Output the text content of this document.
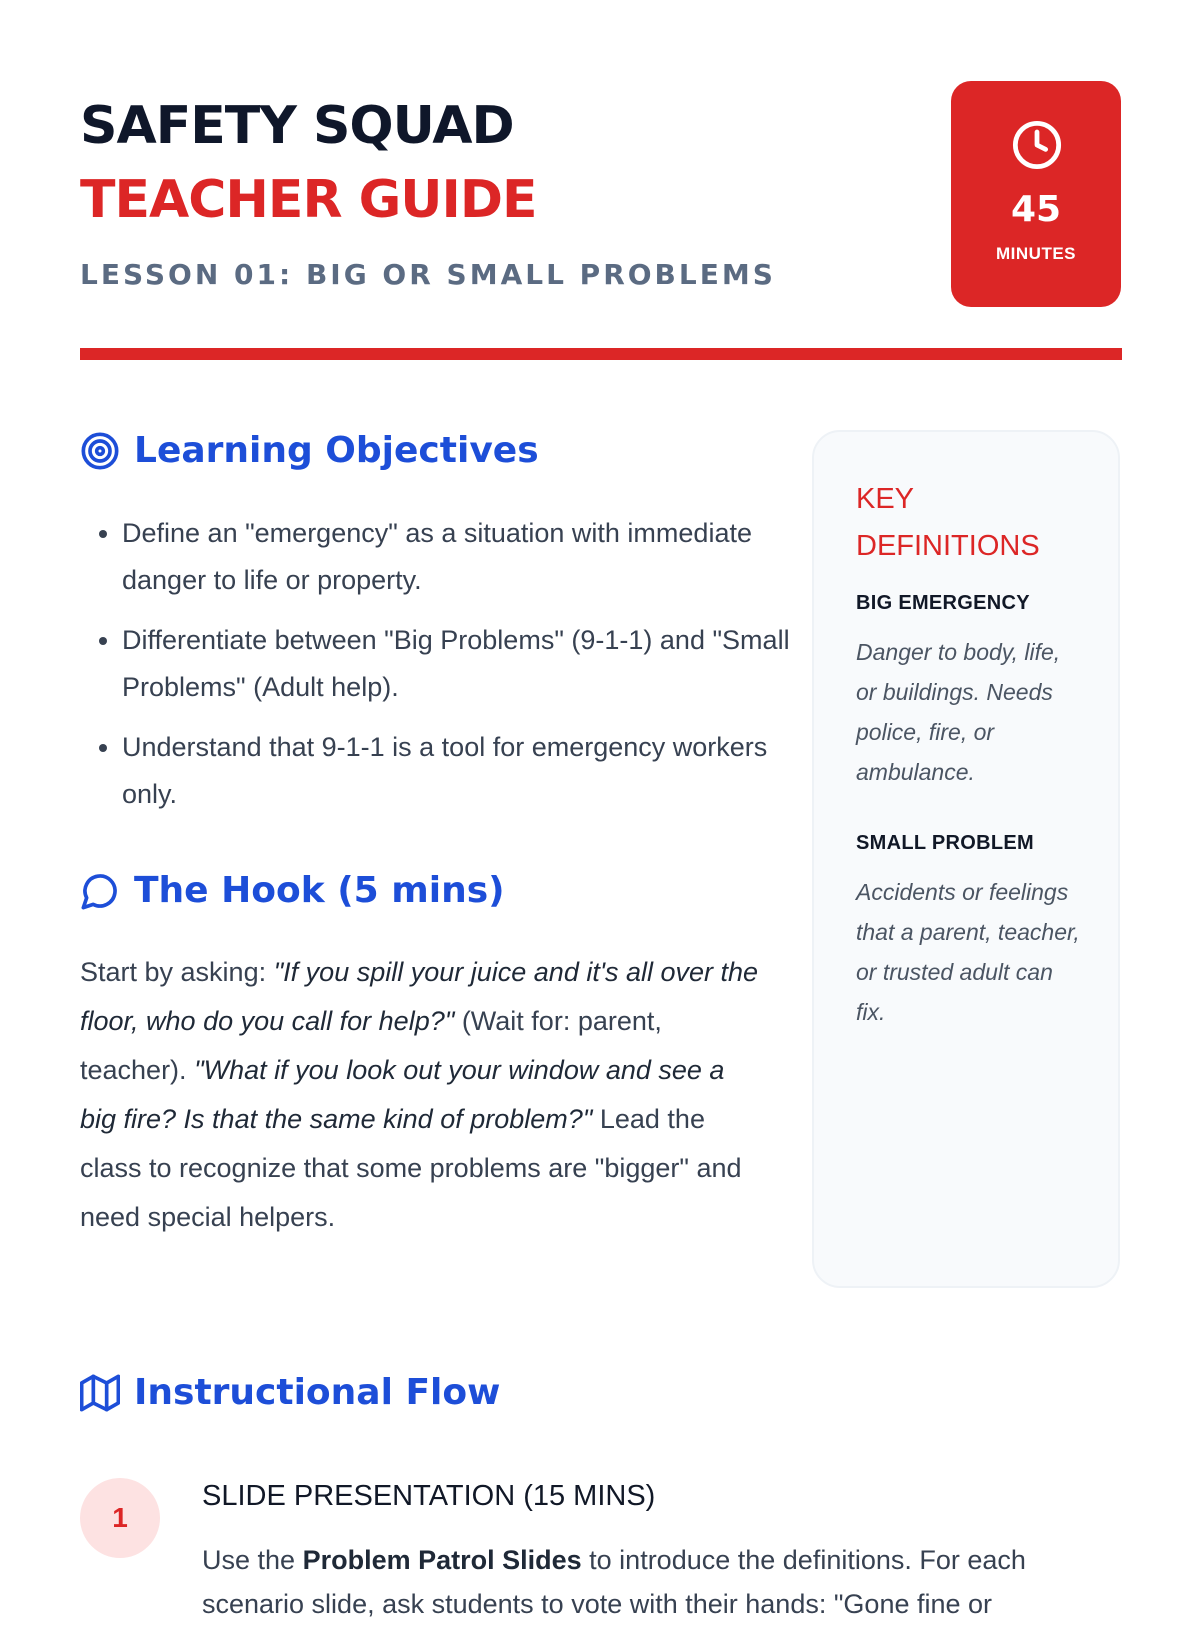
SAFETY SQUAD
TEACHER GUIDE
LESSON 01: BIG OR SMALL PROBLEMS
45
MINUTES
Learning Objectives
• Define an "emergency" as a situation with immediate danger to life or property.
• Differentiate between "Big Problems" (9-1-1) and "Small Problems" (Adult help).
• Understand that 9-1-1 is a tool for emergency workers only.
The Hook (5 mins)

Start by asking: "If you spill your juice and it's all over the floor, who do you call for help?" (Wait for: parent, teacher). "What if you look out your window and see a big fire? Is that the same kind of problem?" Lead the class to recognize that some problems are "bigger" and need special helpers.

KEY DEFINITIONS

BIG EMERGENCY

Danger to body, life, or buildings. Needs police, fire, or ambulance.

SMALL PROBLEM

Accidents or feelings that a parent, teacher, or trusted adult can fix.

Instructional Flow
1
SLIDE PRESENTATION (15 MINS)

Use the Problem Patrol Slides to introduce the definitions. For each scenario slide, ask students to vote with their hands: "Gone fine or
